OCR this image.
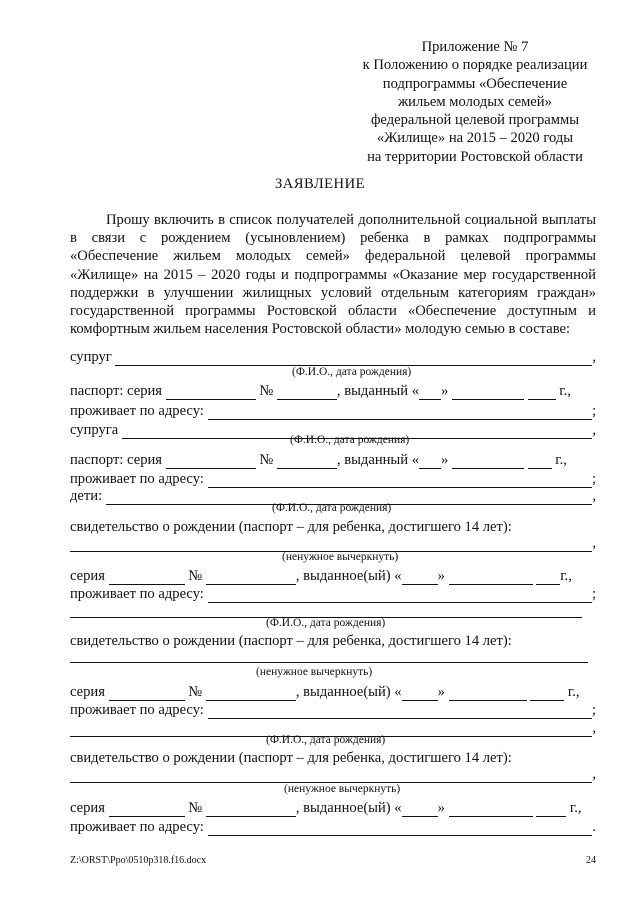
Приложение № 7
к Положению о порядке реализации
подпрограммы «Обеспечение
жильем молодых семей»
федеральной целевой программы
«Жилище» на 2015 – 2020 годы
на территории Ростовской области
ЗАЯВЛЕНИЕ
Прошу включить в список получателей дополнительной социальной выплаты в связи с рождением (усыновлением) ребенка в рамках подпрограммы «Обеспечение жильем молодых семей» федеральной целевой программы «Жилище» на 2015 – 2020 годы и подпрограммы «Оказание мер государственной поддержки в улучшении жилищных условий отдельным категориям граждан» государственной программы Ростовской области «Обеспечение доступным и комфортным жильем населения Ростовской области» молодую семью в составе:
супруг
	,
(Ф.И.О., дата рождения)
паспорт: серия

	№
	, выданный « »

	г.,
проживает по адресу:
	;
супруга
	,
(Ф.И.О., дата рождения)
паспорт: серия

	№
	, выданный « »

	г.,
проживает по адресу:
	;
дети:
	,
(Ф.И.О., дата рождения)
свидетельство о рождении (паспорт – для ребенка, достигшего 14 лет):
,
(ненужное вычеркнуть)
серия

	№
	, выданное(ый) « »

	г.,
проживает по адресу:
	;
(Ф.И.О., дата рождения)
свидетельство о рождении (паспорт – для ребенка, достигшего 14 лет):
(ненужное вычеркнуть)
серия

	№
	, выданное(ый) « »

	г.,
проживает по адресу:
	;
,
(Ф.И.О., дата рождения)
свидетельство о рождении (паспорт – для ребенка, достигшего 14 лет):
,
(ненужное вычеркнуть)
серия

	№
	, выданное(ый) « »

	г.,
проживает по адресу:
	.
Z:\ORST\Ppo\0510p318.f16.docx	24
